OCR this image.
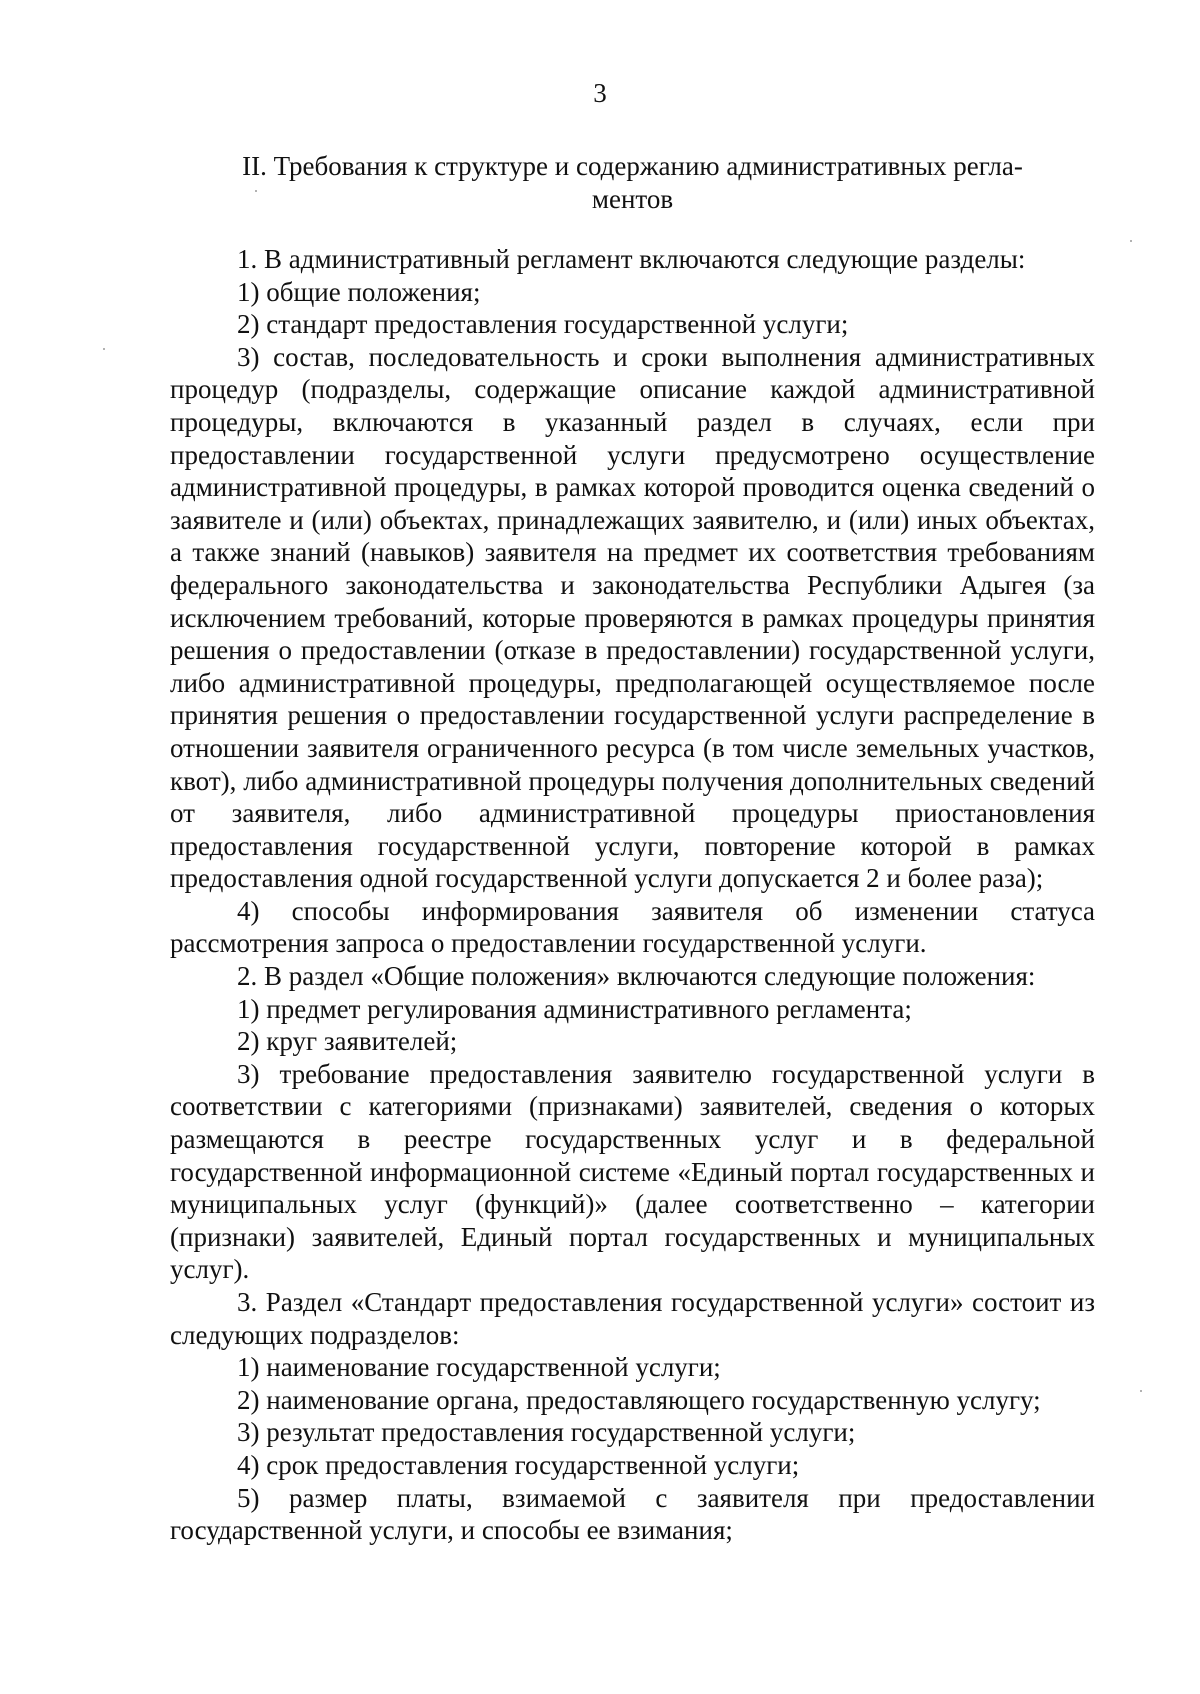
3
II. Требования к структуре и содержанию административных регла-
ментов

1. В административный регламент включаются следующие разделы:

1) общие положения;

2) стандарт предоставления государственной услуги;

3) состав, последовательность и сроки выполнения административных процедур (подразделы, содержащие описание каждой административной процедуры, включаются в указанный раздел в случаях, если при предоставлении государственной услуги предусмотрено осуществление административной процедуры, в рамках которой проводится оценка сведений о заявителе и (или) объектах, принадлежащих заявителю, и (или) иных объектах, а также знаний (навыков) заявителя на предмет их соответствия требованиям федерального законодательства и законодательства Республики Адыгея (за исключением требований, которые проверяются в рамках процедуры принятия решения о предоставлении (отказе в предоставлении) государственной услуги, либо административной процедуры, предполагающей осуществляемое после принятия решения о предоставлении государственной услуги распределение в отношении заявителя ограниченного ресурса (в том числе земельных участков, квот), либо административной процедуры получения дополнительных сведений от заявителя, либо административной процедуры приостановления предоставления государственной услуги, повторение которой в рамках предоставления одной государственной услуги допускается 2 и более раза);

4) способы информирования заявителя об изменении статуса рассмотрения запроса о предоставлении государственной услуги.

2. В раздел «Общие положения» включаются следующие положения:

1) предмет регулирования административного регламента;

2) круг заявителей;

3) требование предоставления заявителю государственной услуги в соответствии с категориями (признаками) заявителей, сведения о которых размещаются в реестре государственных услуг и в федеральной государственной информационной системе «Единый портал государственных и муниципальных услуг (функций)» (далее соответственно – категории (признаки) заявителей, Единый портал государственных и муниципальных услуг).

3. Раздел «Стандарт предоставления государственной услуги» состоит из следующих подразделов:

1) наименование государственной услуги;

2) наименование органа, предоставляющего государственную услугу;

3) результат предоставления государственной услуги;

4) срок предоставления государственной услуги;

5) размер платы, взимаемой с заявителя при предоставлении государственной услуги, и способы ее взимания;
